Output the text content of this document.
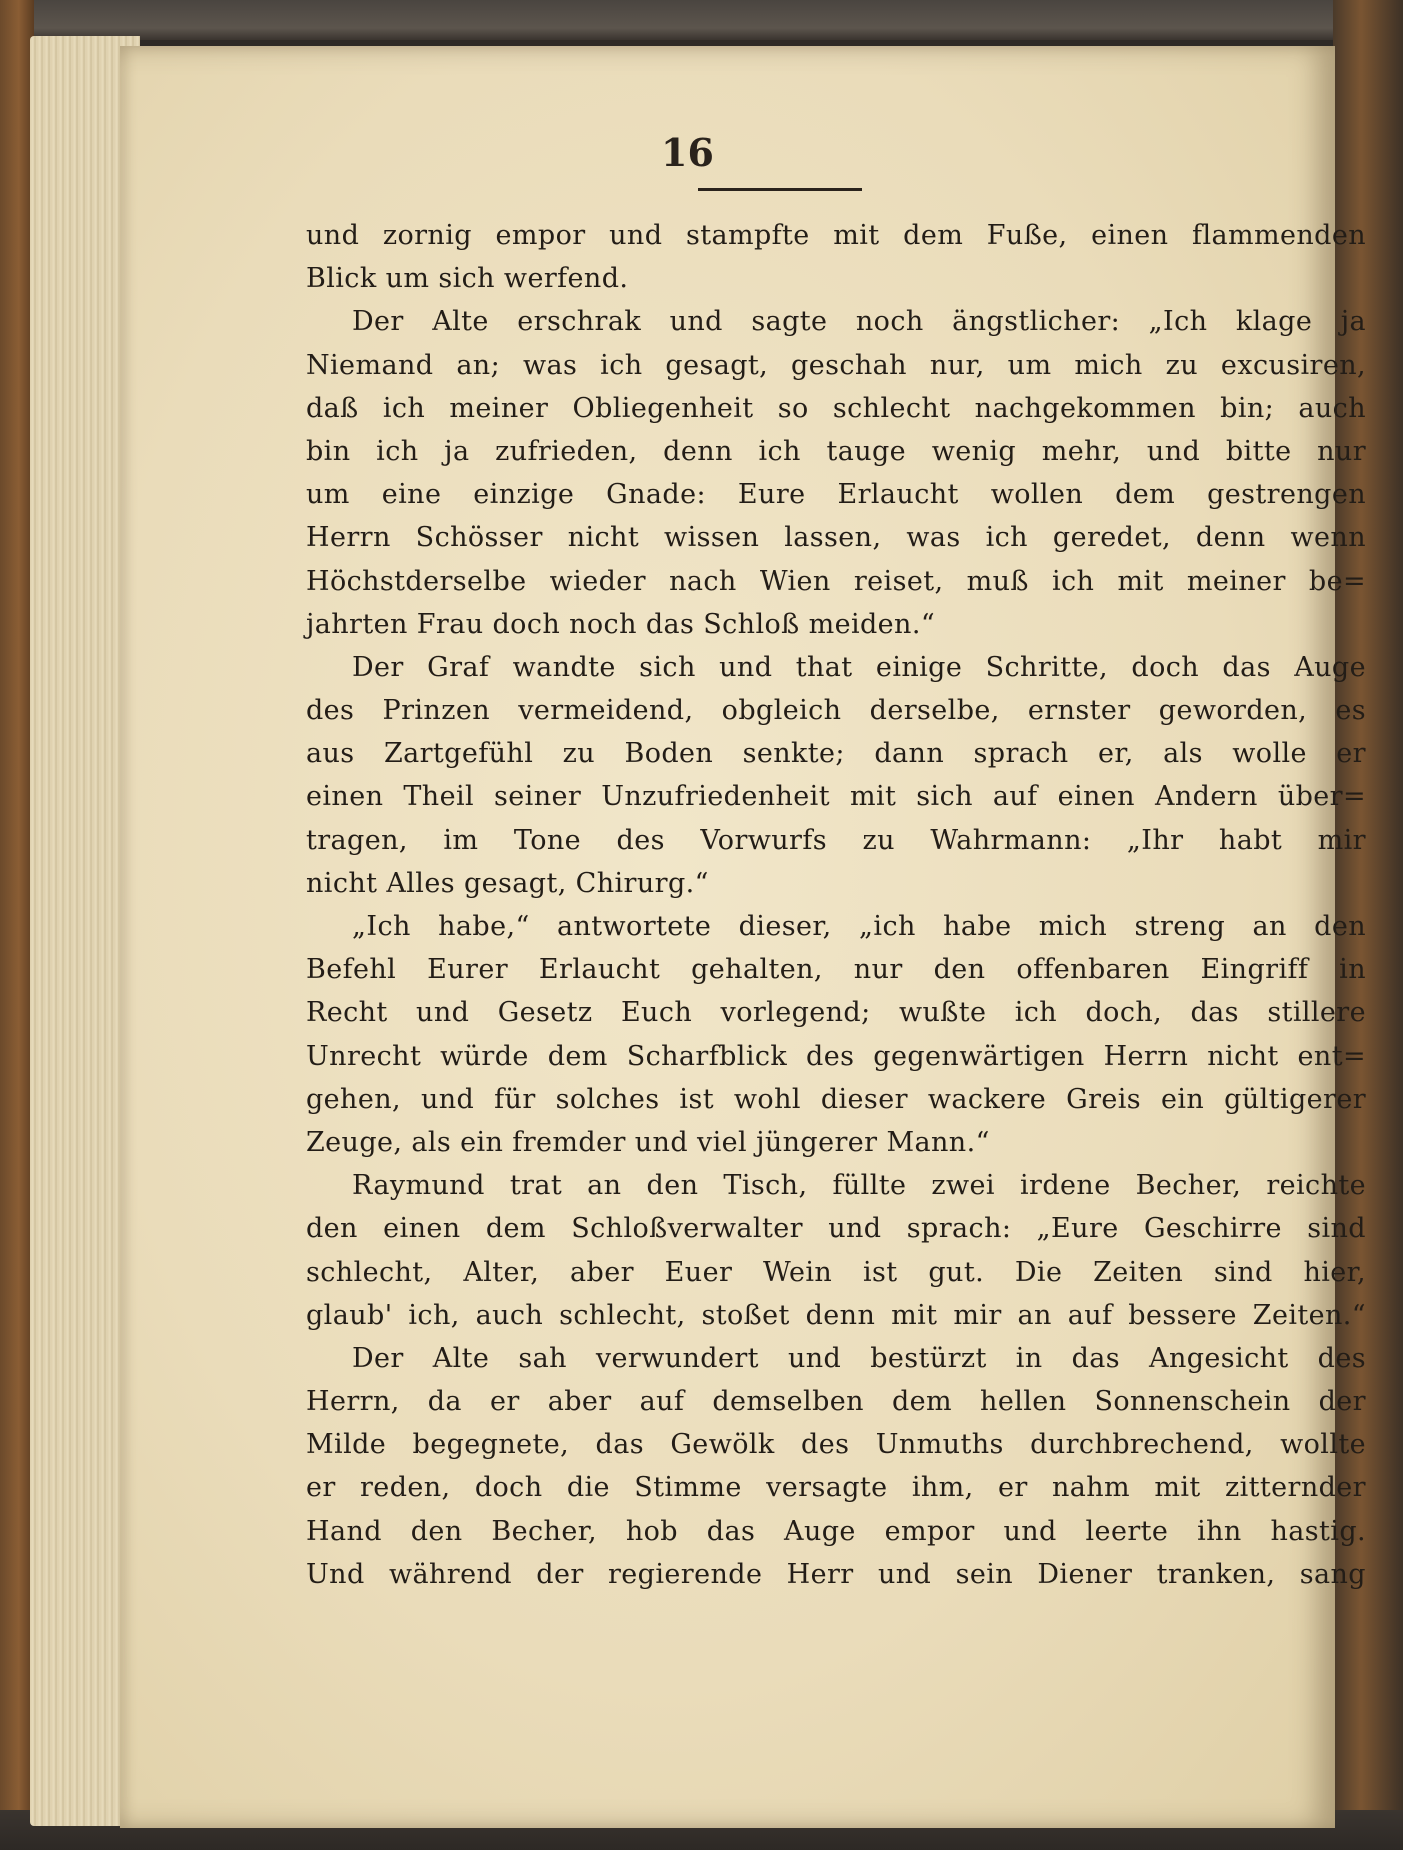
16
und zornig empor und stampfte mit dem Fuße, einen flammenden
Blick um sich werfend.
Der Alte erschrak und sagte noch ängstlicher: „Ich klage ja
Niemand an; was ich gesagt, geschah nur, um mich zu excusiren,
daß ich meiner Obliegenheit so schlecht nachgekommen bin; auch
bin ich ja zufrieden, denn ich tauge wenig mehr, und bitte nur
um eine einzige Gnade: Eure Erlaucht wollen dem gestrengen
Herrn Schösser nicht wissen lassen, was ich geredet, denn wenn
Höchstderselbe wieder nach Wien reiset, muß ich mit meiner be=
jahrten Frau doch noch das Schloß meiden.“
Der Graf wandte sich und that einige Schritte, doch das Auge
des Prinzen vermeidend, obgleich derselbe, ernster geworden, es
aus Zartgefühl zu Boden senkte; dann sprach er, als wolle er
einen Theil seiner Unzufriedenheit mit sich auf einen Andern über=
tragen, im Tone des Vorwurfs zu Wahrmann: „Ihr habt mir
nicht Alles gesagt, Chirurg.“
„Ich habe,“ antwortete dieser, „ich habe mich streng an den
Befehl Eurer Erlaucht gehalten, nur den offenbaren Eingriff in
Recht und Gesetz Euch vorlegend; wußte ich doch, das stillere
Unrecht würde dem Scharfblick des gegenwärtigen Herrn nicht ent=
gehen, und für solches ist wohl dieser wackere Greis ein gültigerer
Zeuge, als ein fremder und viel jüngerer Mann.“
Raymund trat an den Tisch, füllte zwei irdene Becher, reichte
den einen dem Schloßverwalter und sprach: „Eure Geschirre sind
schlecht, Alter, aber Euer Wein ist gut. Die Zeiten sind hier,
glaub' ich, auch schlecht, stoßet denn mit mir an auf bessere Zeiten.“
Der Alte sah verwundert und bestürzt in das Angesicht des
Herrn, da er aber auf demselben dem hellen Sonnenschein der
Milde begegnete, das Gewölk des Unmuths durchbrechend, wollte
er reden, doch die Stimme versagte ihm, er nahm mit zitternder
Hand den Becher, hob das Auge empor und leerte ihn hastig.
Und während der regierende Herr und sein Diener tranken, sang
